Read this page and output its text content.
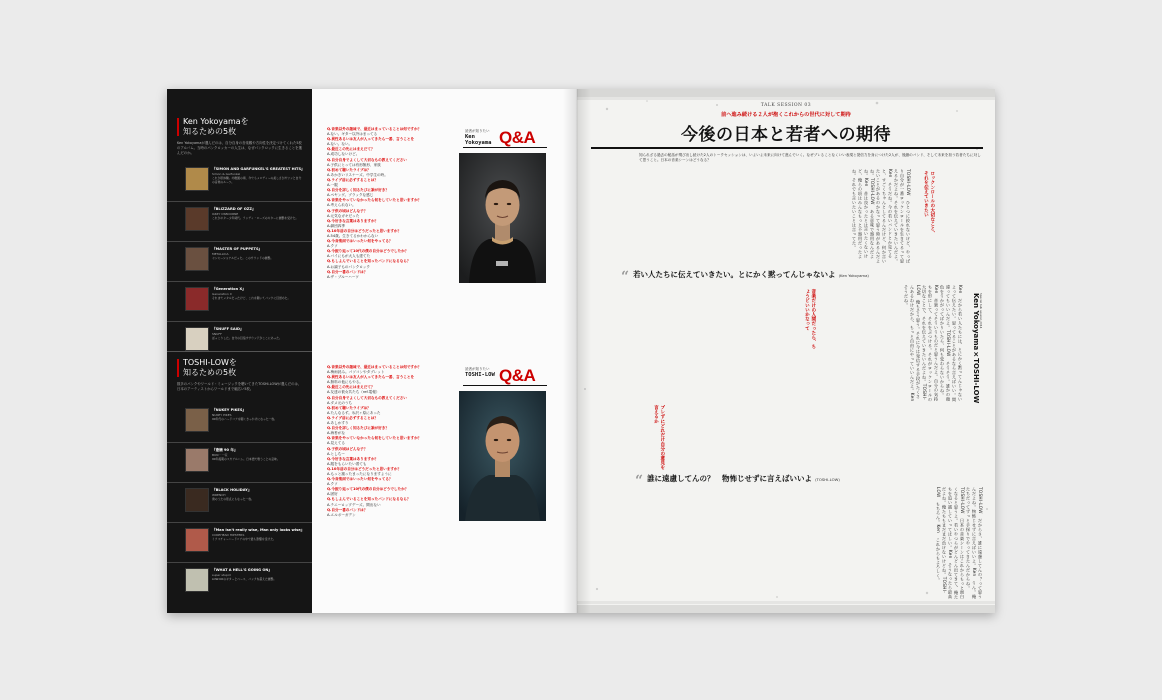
Ken Yokoyamaを
知るための5枚
Ken Yokoyamaが選んだのは、自分自身の音楽観や方向性を決定づけてくれた5枚のアルバム。当時のパンクロッカーの人生は、なぜパンクロックに生きることを選んだのか。
『SIMON AND GARFUNKEL'S GREATEST HITS』
Simon & Garfunkel
これが原体験。幼稚園の頃、今でもメロディーの美しさがガツンと自分の音楽のルーツ。
『BLIZZARD OF OZZ』
OZZY OSBOURNE
これがギター少年時代。ランディ・ローズのギターに衝撃を受けた。
『MASTER OF PUPPETS』
METALLICA
センセーショナルだった。このサウンドの衝撃。
『Generation X』
Generation X
それまでメタルだったけど、これを聴いてパンクに目覚めた。
『SNUFF SAID』
SNUFF
ぼっこりした。自分の目指すサウンドがここにあった。
TOSHI-LOWを
知るための5枚
数多のパンクやワールド・ミュージックを聴いてきたTOSHI-LOWが選んだのは、日本のアーティストからワールドまで幅広い5枚。
『NUKEY PIKES』
NUKEY PIKES
90年代のハードコアを聴くきっかけになった一枚。
『豊饒 90 年』
BUN・一家
90年後期のスカアルバム。日本語で歌うことの意味。
『BLACK HOLIDAY』
WRENCH
僕のうたの原点にもなった一枚。
『Man Isn't really wise, Man only looks wise』
COKEHEAD HIPSTERS
ミクスチャーハードコアの中で最も影響を受けた。
『WHAT A HELL'S GOING ON』
super stupid
LOW-KOのギターとベース、パンクを超えた衝撃。

Q.音楽以外の趣味で、最近はまっていることは何ですか？

A.ない。ギター以外はまってる

Q.異性あるいは友人が入ってきたら一番、言うことを

A.ない。ない。

Q.最近この先にはまえだて？

A.成功しないけど。

Q.自分自身でよくして大切なもの教えてください

A.子供にとっては有形無形、家族

Q.初めて聴いたライブは？

A.あかきいリスナーズ。中学生の時。

Q.ライブ前に必ずすることは？

A.一服

Q.自分を詳しく知るたびに誰が好き？

A.ペヤング。ブラックな感じ

Q.音楽をやっていなかったら何をしていたと思いますか？

A.考えられない。

Q.子供の頃はどんな子？

A.元気なガキだった

Q.今好きな言葉はありますか？

A.劇団四季

Q.10年前の自分はどうだったと思いますか？

A.54歳。生きてるかわからない

Q.今音楽面ではいったい何をやってる？

A.クソ

Q.今振り返って10代の僕の自分はどうでしたか？

A.バイにもが大人も建てた

Q.もしよんでいることを知ったバンドになるなら？

A.お調子ものパンクロック

Q.自分一番のバンドは？

A.ザ・ブルーハーツ

読者が知りたい
Ken
Yokoyama Q&A

Q.音楽以外の趣味で、最近はまっていることは何ですか？

A.梅雨読み。パソコンやタブレット

Q.異性あるいは友人が入ってきたら一番、言うことを

A.無料の他にもやる。

Q.最近この先にはまえだて？

A.友達の彼女共たち（ref.電報）

Q.自分自身でよくして大切なもの教えてください

A.ダメ元のうち

Q.初めて聴いたライブは？

A.たんなるず。氷沢ヶ原にあった

Q.ライブ前に必ずすることは？

A.あしかすり

Q.自分を詳しく知るたびに誰が好き？

A.海苔がな

Q.音楽をやっていなかったら何をしていたと思いますか？

A.見えてる

Q.子供の頃はどんな子？

A.としちー

Q.今好きな言葉はありますか？

A.服をもらいたい着ても

Q.10年前の自分はどうだったと思いますか？

A.もっと割ったまったになりますように

Q.今音楽面ではいったい何をやってる？

A.クソ

Q.今振り返って10代の僕の自分はどうでしたか？

A.固好

Q.もしよんでいることを知ったバンドになるなら？

A.テニーロップデーズ。間出ない

Q.自分一番のバンドは？

A.エルボーガデン

読者が知りたい
TOSHI-LOW Q&A
TALK SESSION 03
前へ進み続ける２人が抱くこれからの世代に対して期待
今後の日本と若者への期待
知られざる過去の秘話が飛び出し続けた2人のトークセッションは、いよいよ未来に向けて進んでいく。なぜブレることなくいい表現と発信力を身につけた2人が、後継のバンド、そして未来を担う若者たちに対して思うこと。日本の音楽シーンはどうなる？
TOSHI-LOW　ひとつに絞れないけど、やっぱり自分が一番ロックンロールを生きてるって思えるかだよね。それを伝えていきたいんだよ。Ken　そうだね。今の若いバンドとか見てると、すごくちゃんとしてるんだけど、何か言いたいことがあるのかなって思う時があるんだよね。TOSHI-LOW　ある意味で器用なんだよね。Ken　昔は良かったとは言いたくないけど、俺らの頃はみんなもっと不器用だったよね。それでも言いたいことは言ってた。	ロックンロールの大切なこと、それを伝えていきたい
“ 若い人たちに伝えていきたい。とにかく黙ってんじゃないよ (Ken Yokoyama)
Ken　だから若い人たちには、とにかく黙ってんじゃないよって伝えたい。思ってることがあるなら言えばいい。間違ってもいいんだよ。TOSHI-LOW　そうそう。誰かの顔色をうかがってばかりいたら、何も変わらないからね。Ken　音楽ってそういうものだと思うんだよ。自分の気持ちを形にして、それをぶつける。それがロックンロールの大切なことで、それを伝えていきたいんだよね。TOSHI-LOW　俺もそう思う。それに今は発信する手段がたくさんあるわけだから、もっと自由にやっていいんだよ。Ken　そうだね。
音楽だけの人間だったら、ちょうどいいかなって
ブレずにどれだけ自分の意見を言えるか
Ken Yokoyama×TOSHI-LOW Special talk session 2014
“ 誰に遠慮してんの？　物怖じせずに言えばいいよ (TOSHI-LOW)
TOSHI-LOW　だからさ、誰に遠慮してんの？って思うんだよね。物怖じせずに言えばいいよ。Ken　うん。俺たちだってずっと手探りでやってきたんだからね。TOSHI-LOW　日本の音楽シーンはこれからもっと面白くなると思うよ。若いやつらがどんどん出てきて、俺たちを追い越していってほしい。Ken　そうなったら最高だよね。俺たちもまだまだ負けないけどね。TOSHI-LOW　もちろん。Ken　これからもよろしく。
